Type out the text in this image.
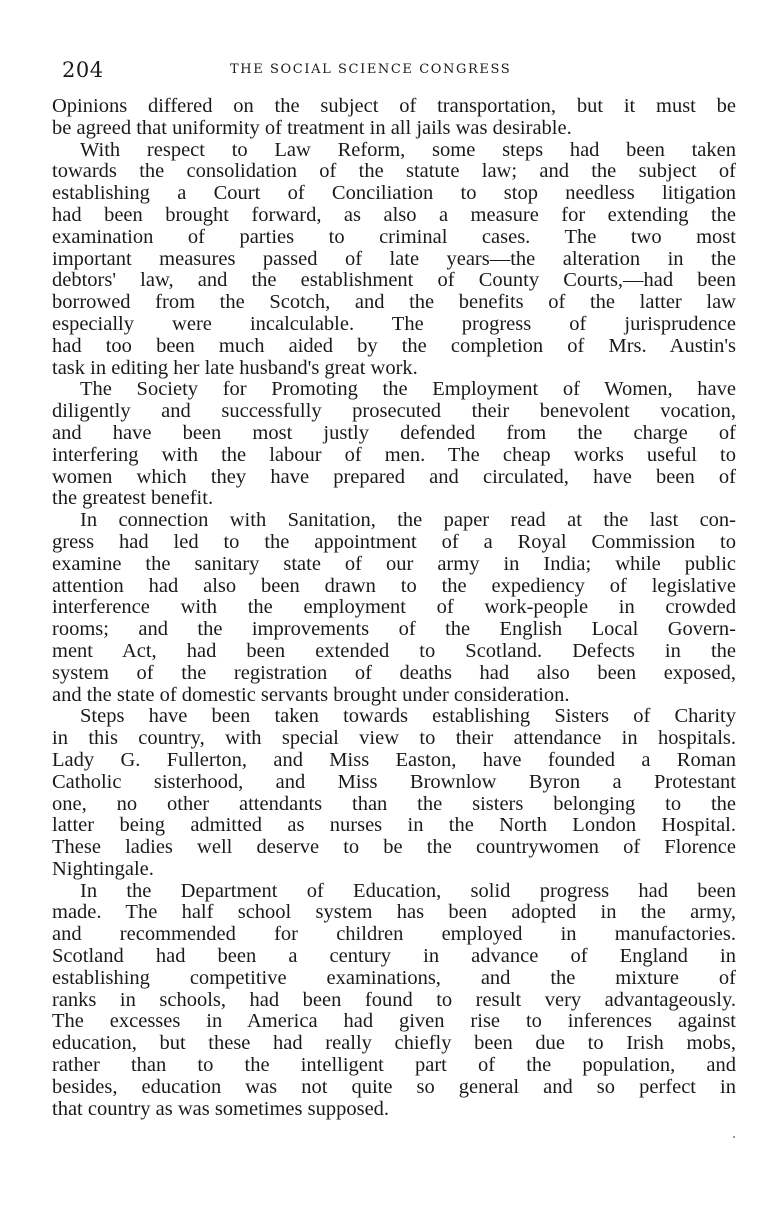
204	THE SOCIAL SCIENCE CONGRESS
Opinions differed on the subject of transportation, but it must be
be agreed that uniformity of treatment in all jails was desirable.
With respect to Law Reform, some steps had been taken
towards the consolidation of the statute law; and the subject of
establishing a Court of Conciliation to stop needless litigation
had been brought forward, as also a measure for extending the
examination of parties to criminal cases. The two most
important measures passed of late years—the alteration in the
debtors' law, and the establishment of County Courts,—had been
borrowed from the Scotch, and the benefits of the latter law
especially were incalculable. The progress of jurisprudence
had too been much aided by the completion of Mrs. Austin's
task in editing her late husband's great work.
The Society for Promoting the Employment of Women, have
diligently and successfully prosecuted their benevolent vocation,
and have been most justly defended from the charge of
interfering with the labour of men. The cheap works useful to
women which they have prepared and circulated, have been of
the greatest benefit.
In connection with Sanitation, the paper read at the last con-
gress had led to the appointment of a Royal Commission to
examine the sanitary state of our army in India; while public
attention had also been drawn to the expediency of legislative
interference with the employment of work-people in crowded
rooms; and the improvements of the English Local Govern-
ment Act, had been extended to Scotland. Defects in the
system of the registration of deaths had also been exposed,
and the state of domestic servants brought under consideration.
Steps have been taken towards establishing Sisters of Charity
in this country, with special view to their attendance in hospitals.
Lady G. Fullerton, and Miss Easton, have founded a Roman
Catholic sisterhood, and Miss Brownlow Byron a Protestant
one, no other attendants than the sisters belonging to the
latter being admitted as nurses in the North London Hospital.
These ladies well deserve to be the countrywomen of Florence
Nightingale.
In the Department of Education, solid progress had been
made. The half school system has been adopted in the army,
and recommended for children employed in manufactories.
Scotland had been a century in advance of England in
establishing competitive examinations, and the mixture of
ranks in schools, had been found to result very advantageously.
The excesses in America had given rise to inferences against
education, but these had really chiefly been due to Irish mobs,
rather than to the intelligent part of the population, and
besides, education was not quite so general and so perfect in
that country as was sometimes supposed.
